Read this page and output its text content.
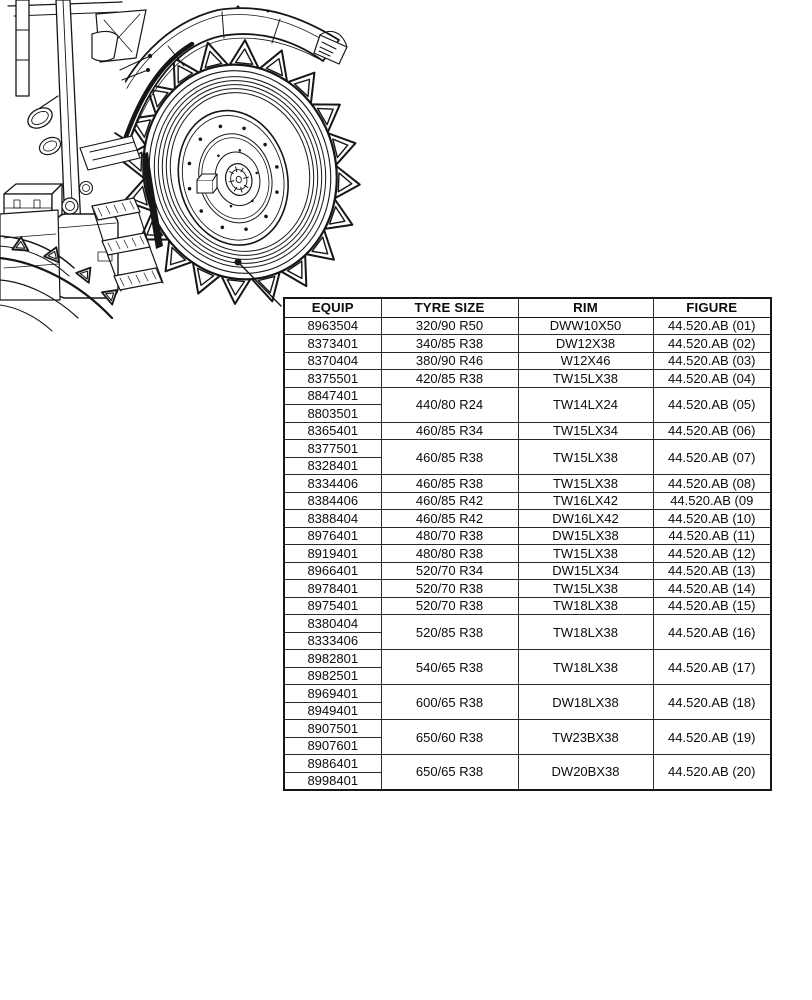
EQUIP	TYRE SIZE	RIM	FIGURE
8963504	320/90 R50	DWW10X50	44.520.AB (01)
8373401	340/85 R38	DW12X38	44.520.AB (02)
8370404	380/90 R46	W12X46	44.520.AB (03)
8375501	420/85 R38	TW15LX38	44.520.AB (04)
8847401	440/80 R24	TW14LX24	44.520.AB (05)
8803501			
8365401	460/85 R34	TW15LX34	44.520.AB (06)
8377501	460/85 R38	TW15LX38	44.520.AB (07)
8328401			
8334406	460/85 R38	TW15LX38	44.520.AB (08)
8384406	460/85 R42	TW16LX42	44.520.AB (09
8388404	460/85 R42	DW16LX42	44.520.AB (10)
8976401	480/70 R38	DW15LX38	44.520.AB (11)
8919401	480/80 R38	TW15LX38	44.520.AB (12)
8966401	520/70 R34	DW15LX34	44.520.AB (13)
8978401	520/70 R38	TW15LX38	44.520.AB (14)
8975401	520/70 R38	TW18LX38	44.520.AB (15)
8380404	520/85 R38	TW18LX38	44.520.AB (16)
8333406			
8982801	540/65 R38	TW18LX38	44.520.AB (17)
8982501			
8969401	600/65 R38	DW18LX38	44.520.AB (18)
8949401			
8907501	650/60 R38	TW23BX38	44.520.AB (19)
8907601			
8986401	650/65 R38	DW20BX38	44.520.AB (20)
8998401			
